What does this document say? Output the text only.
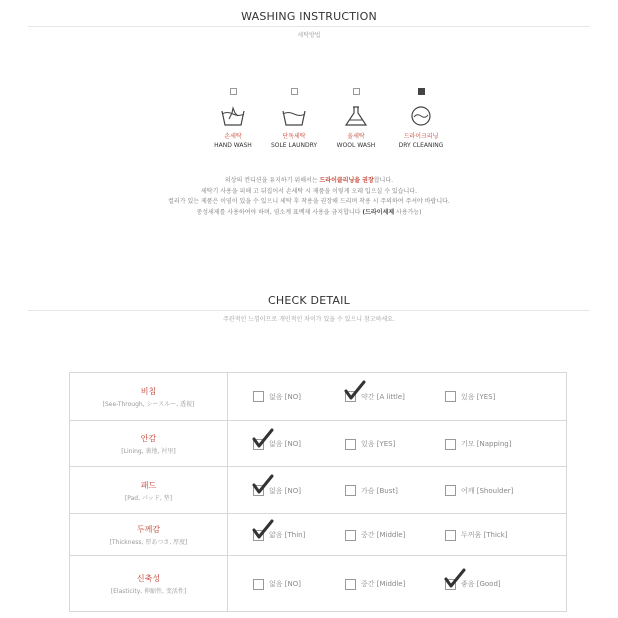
WASHING INSTRUCTION
세탁방법
손세탁
HAND WASH
단독세탁
SOLE LAUNDRY
울세탁
WOOL WASH
드라이크리닝
DRY CLEANING
의상의 컨디션을 유지하기 위해서는 드라이클리닝을 권장합니다.
세탁기 사용을 피해 고 뒤집어서 손세탁 시 제품을 이렇게 오래 입으실 수 있습니다.
컬러가 있는 제품은 이염이 있을 수 있으니 세탁 후 착용을 권장해 드리며 착용 시 주의하여 주셔야 바랍니다.
중성세제를 사용하여야 하며, 염소계 표백제 사용을 금지합니다 (드라이세제 사용가능)
CHECK DETAIL
주관적인 느낌이므로 개인적인 차이가 있을 수 있으니 참고하세요.
비침
[See-Through, シースルー, 透视]
없음 [NO]	약간 [A little]	있음 [YES]
안감
[Lining, 裏地, 衬里]
없음 [NO]	있음 [YES]	기모 [Napping]
패드
[Pad, パッド, 垫]
없음 [NO]	가슴 [Bust]	어깨 [Shoulder]
두께감
[Thickness, 厚あつさ, 厚度]
얇음 [Thin]	중간 [Middle]	두꺼움 [Thick]
신축성
[Elasticity, 伸縮性, 变活性]
없음 [NO]	중간 [Middle]	좋음 [Good]
